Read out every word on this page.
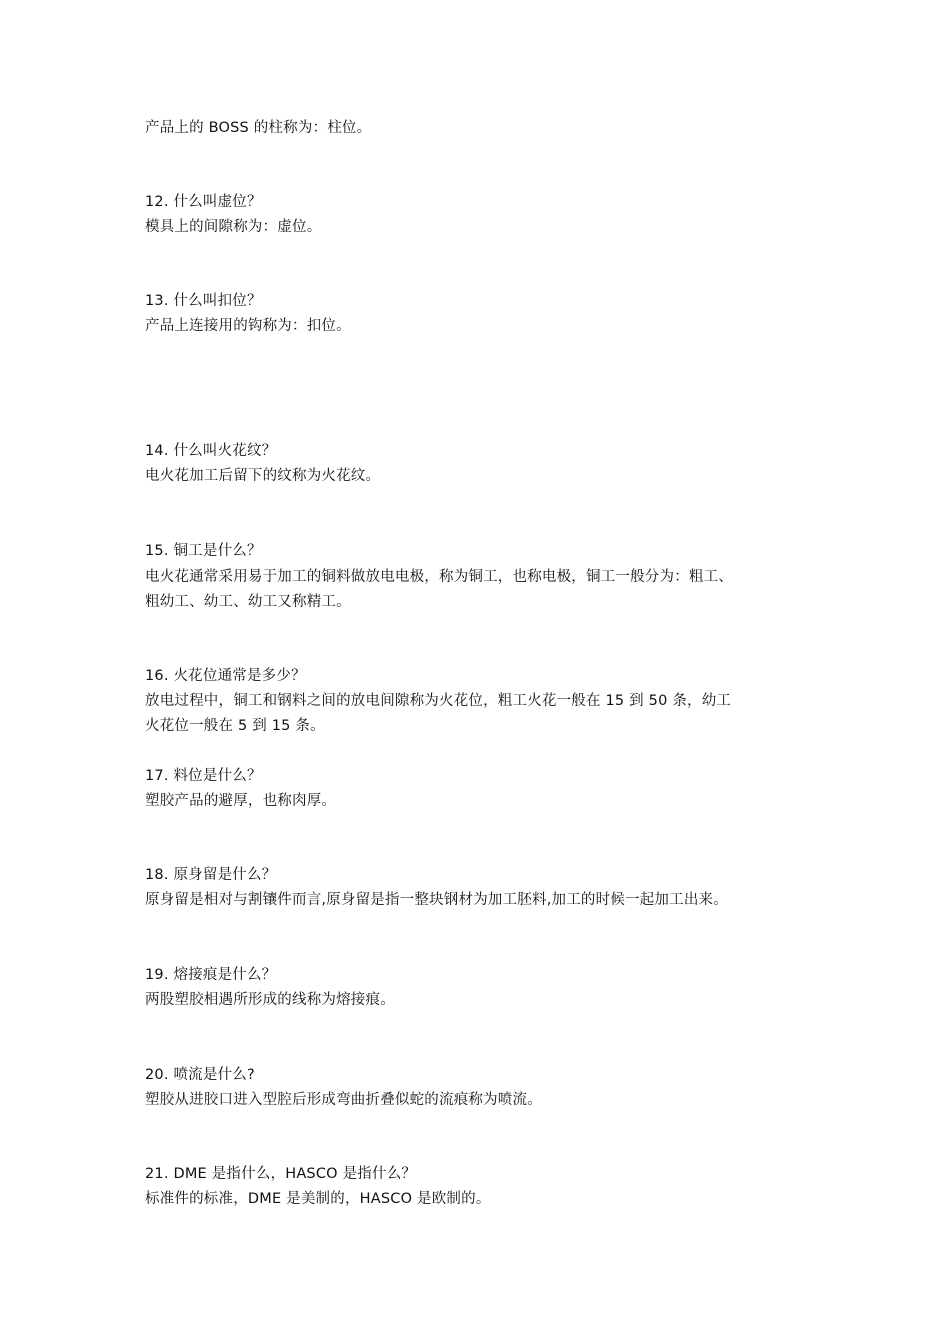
产品上的 BOSS 的柱称为：柱位。
12. 什么叫虚位？
模具上的间隙称为：虚位。
13. 什么叫扣位？
产品上连接用的钩称为：扣位。
14. 什么叫火花纹？
电火花加工后留下的纹称为火花纹。
15. 铜工是什么？
电火花通常采用易于加工的铜料做放电电极，称为铜工，也称电极，铜工一般分为：粗工、
粗幼工、幼工、幼工又称精工。
16. 火花位通常是多少？
放电过程中，铜工和钢料之间的放电间隙称为火花位，粗工火花一般在 15 到 50 条，幼工
火花位一般在 5 到 15 条。
17. 料位是什么？
塑胶产品的避厚，也称肉厚。
18. 原身留是什么？
原身留是相对与割镶件而言,原身留是指一整块钢材为加工胚料,加工的时候一起加工出来。
19. 熔接痕是什么？
两股塑胶相遇所形成的线称为熔接痕。
20. 喷流是什么?
塑胶从进胶口进入型腔后形成弯曲折叠似蛇的流痕称为喷流。
21. DME 是指什么，HASCO 是指什么？
标准件的标准，DME 是美制的，HASCO 是欧制的。
